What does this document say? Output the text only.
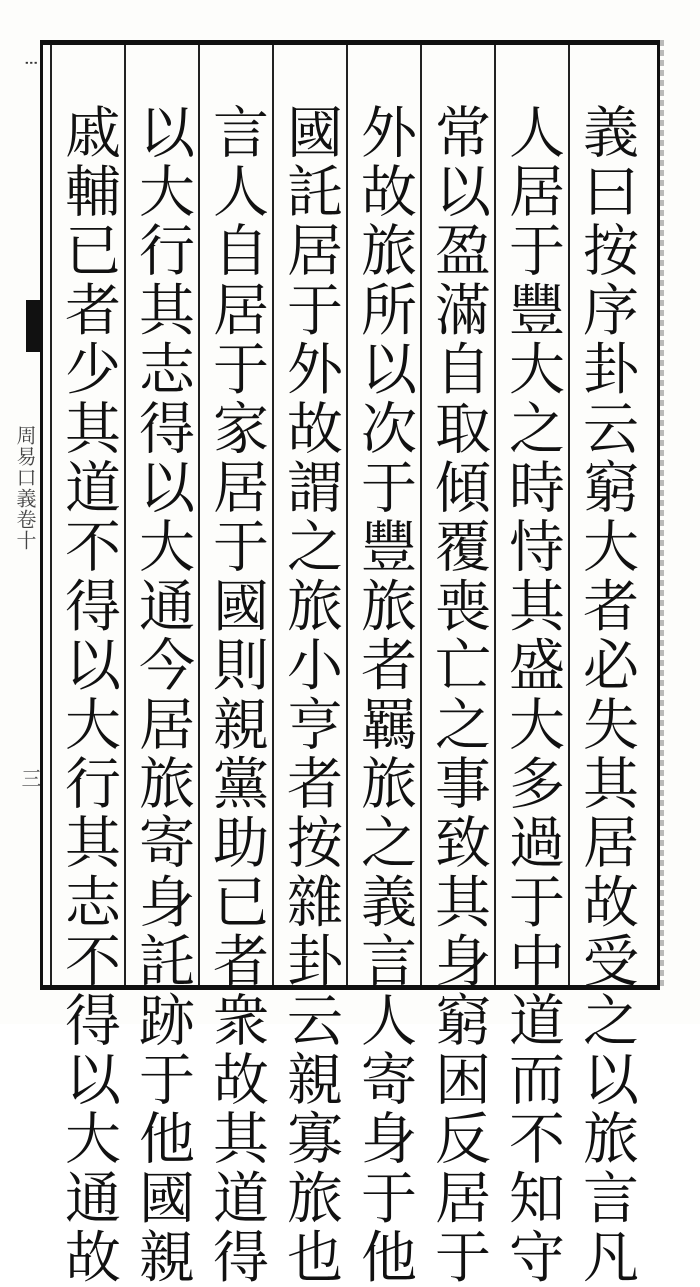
⁝
周易口義卷十
三	義曰按序卦云窮大者必失其居故受之以旅言凡
人居于豐大之時恃其盛大多過于中道而不知守
常以盈滿自取傾覆喪亡之事致其身窮困反居于
外故旅所以次于豐旅者羈旅之義言人寄身于他
國託居于外故謂之旅小亨者按雜卦云親寡旅也
言人自居于家居于國則親黨助已者衆故其道得
以大行其志得以大通今居旅寄身託跡于他國親
戚輔已者少其道不得以大行其志不得以大通故
